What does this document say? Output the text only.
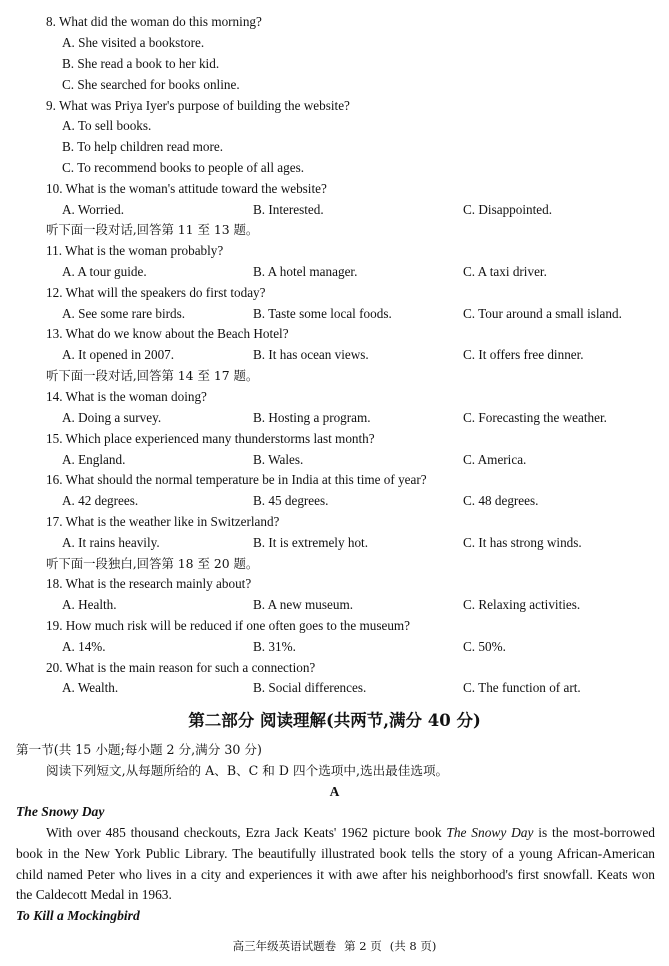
8. What did the woman do this morning?
A. She visited a bookstore.
B. She read a book to her kid.
C. She searched for books online.
9. What was Priya Iyer's purpose of building the website?
A. To sell books.
B. To help children read more.
C. To recommend books to people of all ages.
10. What is the woman's attitude toward the website?
A. Worried.	B. Interested.	C. Disappointed.
听下面一段对话,回答第 11 至 13 题。
11. What is the woman probably?
A. A tour guide.	B. A hotel manager.	C. A taxi driver.
12. What will the speakers do first today?
A. See some rare birds.	B. Taste some local foods.	C. Tour around a small island.
13. What do we know about the Beach Hotel?
A. It opened in 2007.	B. It has ocean views.	C. It offers free dinner.
听下面一段对话,回答第 14 至 17 题。
14. What is the woman doing?
A. Doing a survey.	B. Hosting a program.	C. Forecasting the weather.
15. Which place experienced many thunderstorms last month?
A. England.	B. Wales.	C. America.
16. What should the normal temperature be in India at this time of year?
A. 42 degrees.	B. 45 degrees.	C. 48 degrees.
17. What is the weather like in Switzerland?
A. It rains heavily.	B. It is extremely hot.	C. It has strong winds.
听下面一段独白,回答第 18 至 20 题。
18. What is the research mainly about?
A. Health.	B. A new museum.	C. Relaxing activities.
19. How much risk will be reduced if one often goes to the museum?
A. 14%.	B. 31%.	C. 50%.
20. What is the main reason for such a connection?
A. Wealth.	B. Social differences.	C. The function of art.
第二部分 阅读理解(共两节,满分 40 分)
第一节(共 15 小题;每小题 2 分,满分 30 分)
阅读下列短文,从每题所给的 A、B、C 和 D 四个选项中,选出最佳选项。
A
The Snowy Day
With over 485 thousand checkouts, Ezra Jack Keats' 1962 picture book The Snowy Day is the most-borrowed book in the New York Public Library. The beautifully illustrated book tells the story of a young African-American child named Peter who lives in a city and experiences it with awe after his neighborhood's first snowfall. Keats won the Caldecott Medal in 1963.
To Kill a Mockingbird
高三年级英语试题卷 第 2 页 (共 8 页)
